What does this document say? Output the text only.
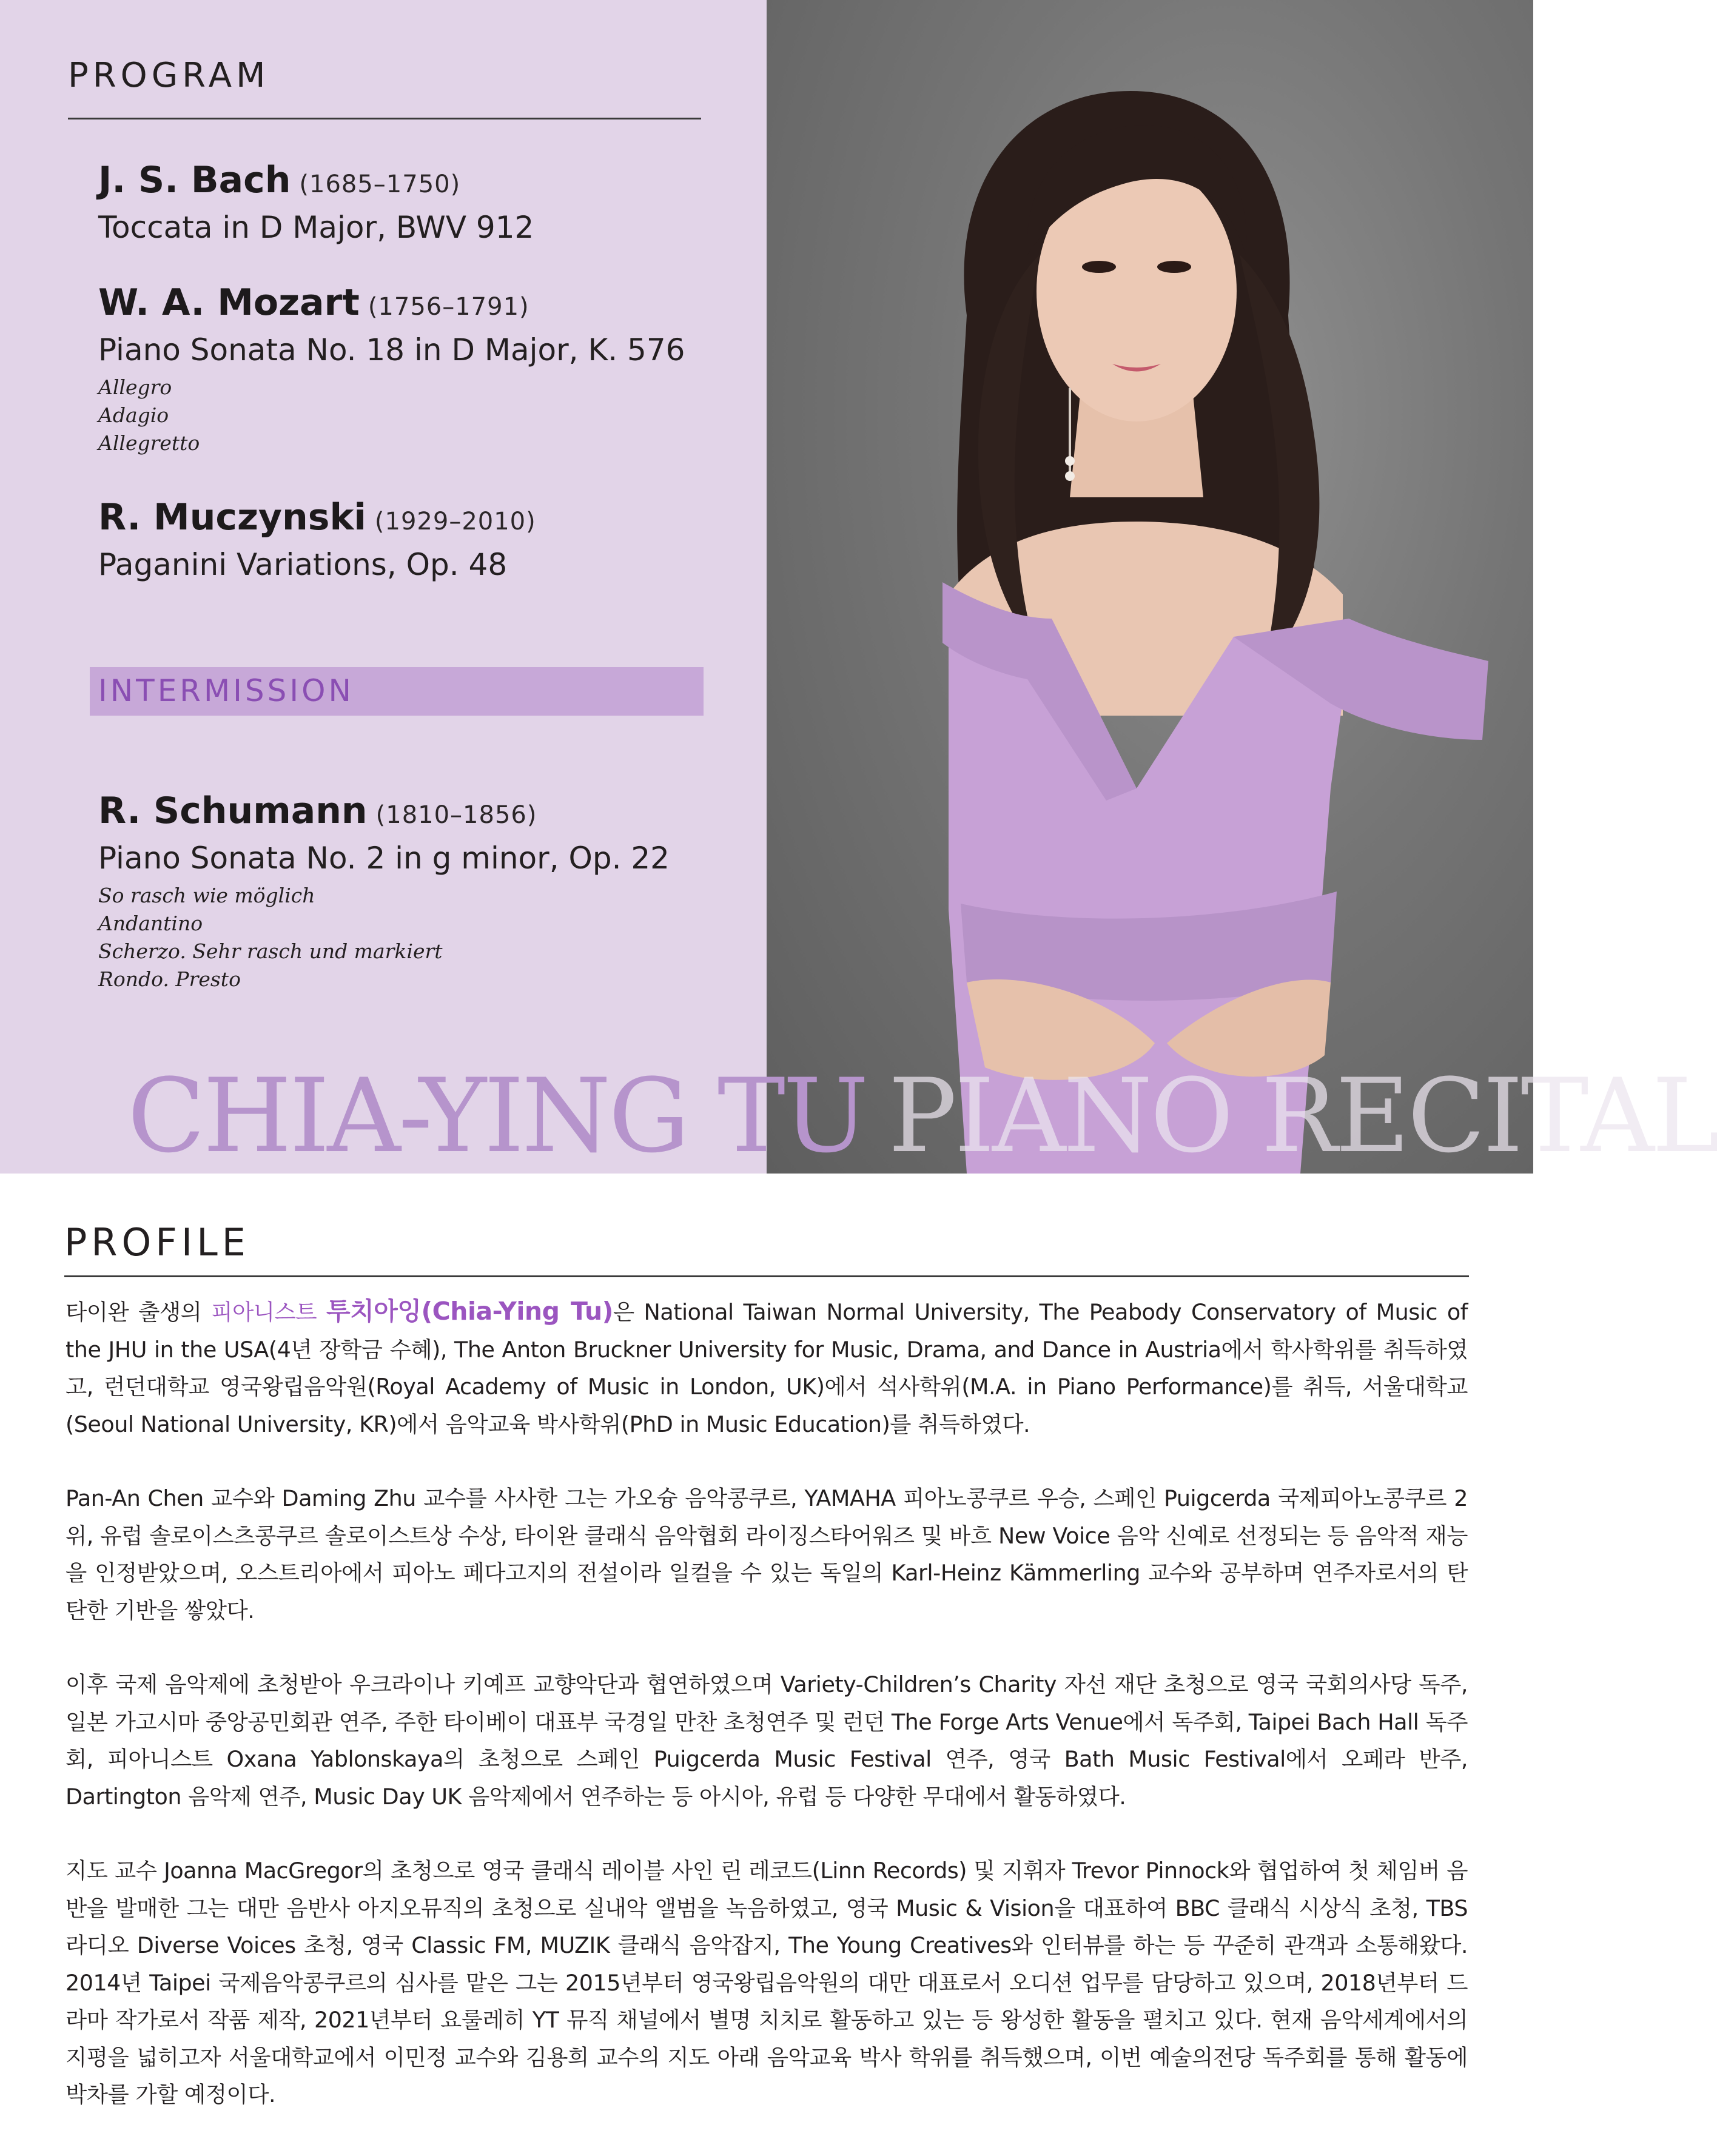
PROGRAM
J. S. Bach (1685–1750)
Toccata in D Major, BWV 912
W. A. Mozart (1756–1791)
Piano Sonata No. 18 in D Major, K. 576
Allegro
Adagio
Allegretto
R. Muczynski (1929–2010)
Paganini Variations, Op. 48
INTERMISSION
R. Schumann (1810–1856)
Piano Sonata No. 2 in g minor, Op. 22
So rasch wie möglich
Andantino
Scherzo. Sehr rasch und markiert
Rondo. Presto
CHIA-YING TU PIANO RECITAL
PROFILE

타이완 출생의 피아니스트 투치아잉(Chia-Ying Tu)은 National Taiwan Normal University, The Peabody Conservatory of Music of the JHU in the USA(4년 장학금 수혜), The Anton Bruckner University for Music, Drama, and Dance in Austria에서 학사학위를 취득하였고, 런던대학교 영국왕립음악원(Royal Academy of Music in London, UK)에서 석사학위(M.A. in Piano Performance)를 취득, 서울대학교(Seoul National University, KR)에서 음악교육 박사학위(PhD in Music Education)를 취득하였다.

Pan-An Chen 교수와 Daming Zhu 교수를 사사한 그는 가오슝 음악콩쿠르, YAMAHA 피아노콩쿠르 우승, 스페인 Puigcerda 국제피아노콩쿠르 2위, 유럽 솔로이스츠콩쿠르 솔로이스트상 수상, 타이완 클래식 음악협회 라이징스타어워즈 및 바흐 New Voice 음악 신예로 선정되는 등 음악적 재능을 인정받았으며, 오스트리아에서 피아노 페다고지의 전설이라 일컬을 수 있는 독일의 Karl-Heinz Kämmerling 교수와 공부하며 연주자로서의 탄탄한 기반을 쌓았다.

이후 국제 음악제에 초청받아 우크라이나 키예프 교향악단과 협연하였으며 Variety-Children’s Charity 자선 재단 초청으로 영국 국회의사당 독주, 일본 가고시마 중앙공민회관 연주, 주한 타이베이 대표부 국경일 만찬 초청연주 및 런던 The Forge Arts Venue에서 독주회, Taipei Bach Hall 독주회, 피아니스트 Oxana Yablonskaya의 초청으로 스페인 Puigcerda Music Festival 연주, 영국 Bath Music Festival에서 오페라 반주, Dartington 음악제 연주, Music Day UK 음악제에서 연주하는 등 아시아, 유럽 등 다양한 무대에서 활동하였다.

지도 교수 Joanna MacGregor의 초청으로 영국 클래식 레이블 사인 린 레코드(Linn Records) 및 지휘자 Trevor Pinnock와 협업하여 첫 체임버 음반을 발매한 그는 대만 음반사 아지오뮤직의 초청으로 실내악 앨범을 녹음하였고, 영국 Music & Vision을 대표하여 BBC 클래식 시상식 초청, TBS 라디오 Diverse Voices 초청, 영국 Classic FM, MUZIK 클래식 음악잡지, The Young Creatives와 인터뷰를 하는 등 꾸준히 관객과 소통해왔다. 2014년 Taipei 국제음악콩쿠르의 심사를 맡은 그는 2015년부터 영국왕립음악원의 대만 대표로서 오디션 업무를 담당하고 있으며, 2018년부터 드라마 작가로서 작품 제작, 2021년부터 요룰레히 YT 뮤직 채널에서 별명 치치로 활동하고 있는 등 왕성한 활동을 펼치고 있다. 현재 음악세계에서의 지평을 넓히고자 서울대학교에서 이민정 교수와 김용희 교수의 지도 아래 음악교육 박사 학위를 취득했으며, 이번 예술의전당 독주회를 통해 활동에 박차를 가할 예정이다.
